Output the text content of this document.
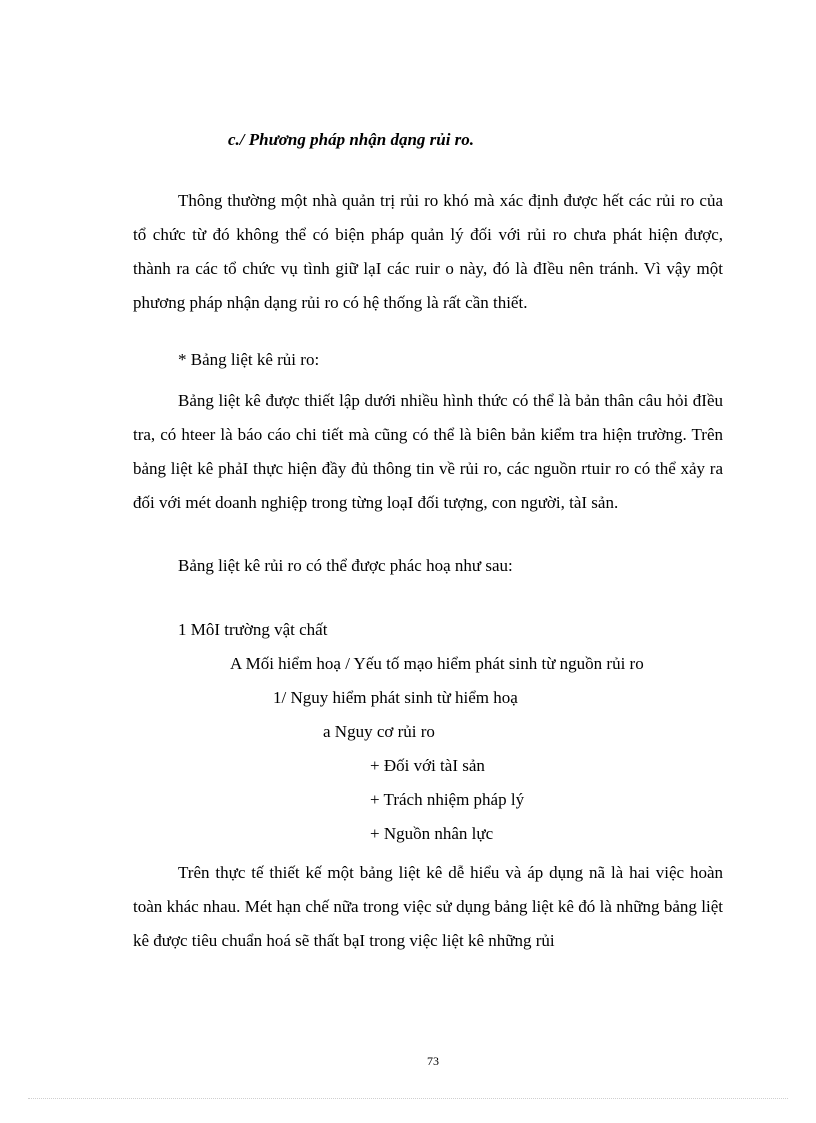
c./ Phương pháp nhận dạng rủi ro.
Thông thường một nhà quản trị rủi ro khó mà xác định được hết các rủi ro của tổ chức từ đó không thể có biện pháp quản lý đối với rủi ro chưa phát hiện được, thành ra các tổ chức vụ tình giữ lạI các ruir o này, đó là đIều nên tránh. Vì vậy một phương pháp nhận dạng rủi ro có hệ thống là rất cần thiết.
* Bảng liệt kê rủi ro:
Bảng liệt kê được thiết lập dưới nhiều hình thức có thể là bản thân câu hỏi đIều tra, có hteer là báo cáo chi tiết mà cũng có thể là biên bản kiểm tra hiện trường. Trên bảng liệt kê phảI thực hiện đầy đủ thông tin về rủi ro, các nguồn rtuir ro có thể xảy ra đối với mét doanh nghiệp trong từng loạI đối tượng, con người, tàI sản.
Bảng liệt kê rủi ro có thể được phác hoạ như sau:
1 MôI trường vật chất
A Mối hiểm hoạ / Yếu tố mạo hiểm phát sinh từ nguồn rủi ro
1/ Nguy hiểm phát sinh từ hiểm hoạ
a Nguy cơ rủi ro
+ Đối với tàI sản
+ Trách nhiệm pháp lý
+ Nguồn nhân lực
Trên thực tế thiết kế một bảng liệt kê dễ hiểu và áp dụng nã là hai việc hoàn toàn khác nhau. Mét hạn chế nữa trong việc sử dụng bảng liệt kê đó là những bảng liệt kê được tiêu chuẩn hoá sẽ thất bạI trong việc liệt kê những rủi
73
